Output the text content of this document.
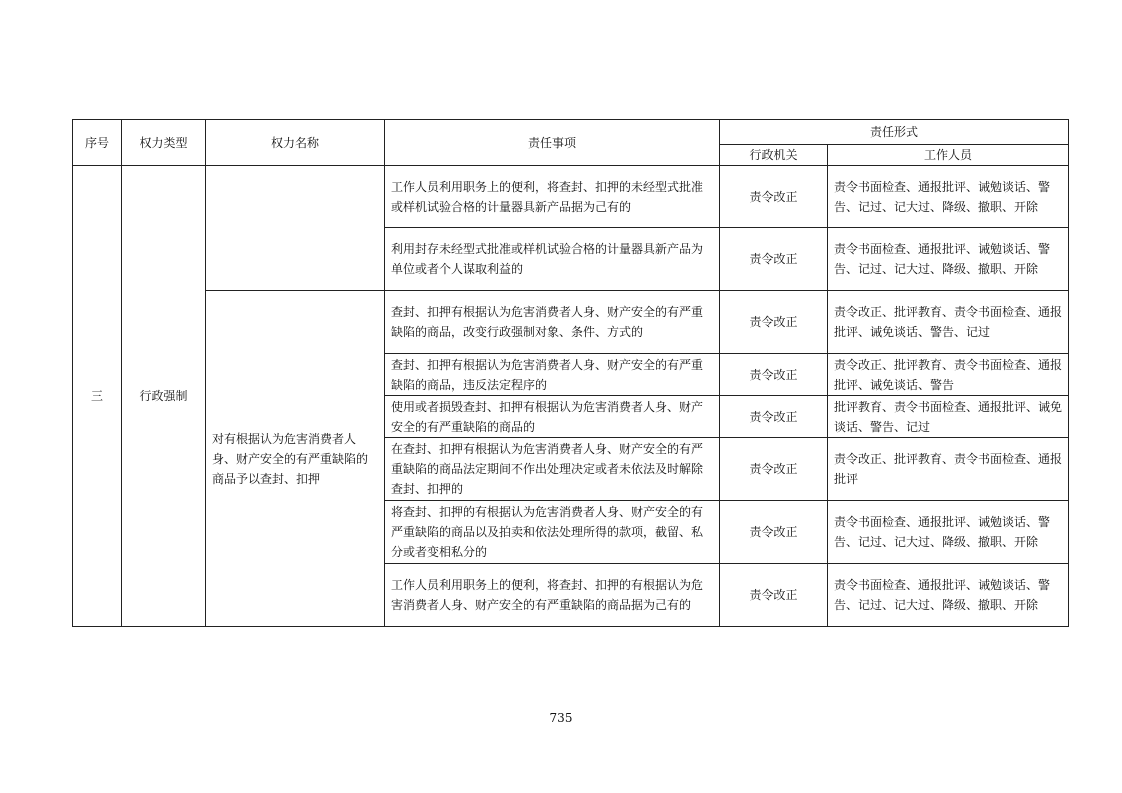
序号	权力类型	权力名称	责任事项	责任形式	
				行政机关	工作人员
三	行政强制		工作人员利用职务上的便利，将查封、扣押的未经型式批准或样机试验合格的计量器具新产品据为己有的	责令改正	责令书面检查、通报批评、诫勉谈话、警告、记过、记大过、降级、撤职、开除
			利用封存未经型式批准或样机试验合格的计量器具新产品为单位或者个人谋取利益的	责令改正	责令书面检查、通报批评、诫勉谈话、警告、记过、记大过、降级、撤职、开除
		对有根据认为危害消费者人身、财产安全的有严重缺陷的商品予以查封、扣押	查封、扣押有根据认为危害消费者人身、财产安全的有严重缺陷的商品，改变行政强制对象、条件、方式的	责令改正	责令改正、批评教育、责令书面检查、通报批评、诫免谈话、警告、记过
			查封、扣押有根据认为危害消费者人身、财产安全的有严重缺陷的商品，违反法定程序的	责令改正	责令改正、批评教育、责令书面检查、通报批评、诫免谈话、警告
			使用或者损毁查封、扣押有根据认为危害消费者人身、财产安全的有严重缺陷的商品的	责令改正	批评教育、责令书面检查、通报批评、诫免谈话、警告、记过
			在查封、扣押有根据认为危害消费者人身、财产安全的有严重缺陷的商品法定期间不作出处理决定或者未依法及时解除查封、扣押的	责令改正	责令改正、批评教育、责令书面检查、通报批评
			将查封、扣押的有根据认为危害消费者人身、财产安全的有严重缺陷的商品以及拍卖和依法处理所得的款项，截留、私分或者变相私分的	责令改正	责令书面检查、通报批评、诫勉谈话、警告、记过、记大过、降级、撤职、开除
			工作人员利用职务上的便利，将查封、扣押的有根据认为危害消费者人身、财产安全的有严重缺陷的商品据为己有的	责令改正	责令书面检查、通报批评、诫勉谈话、警告、记过、记大过、降级、撤职、开除
735
